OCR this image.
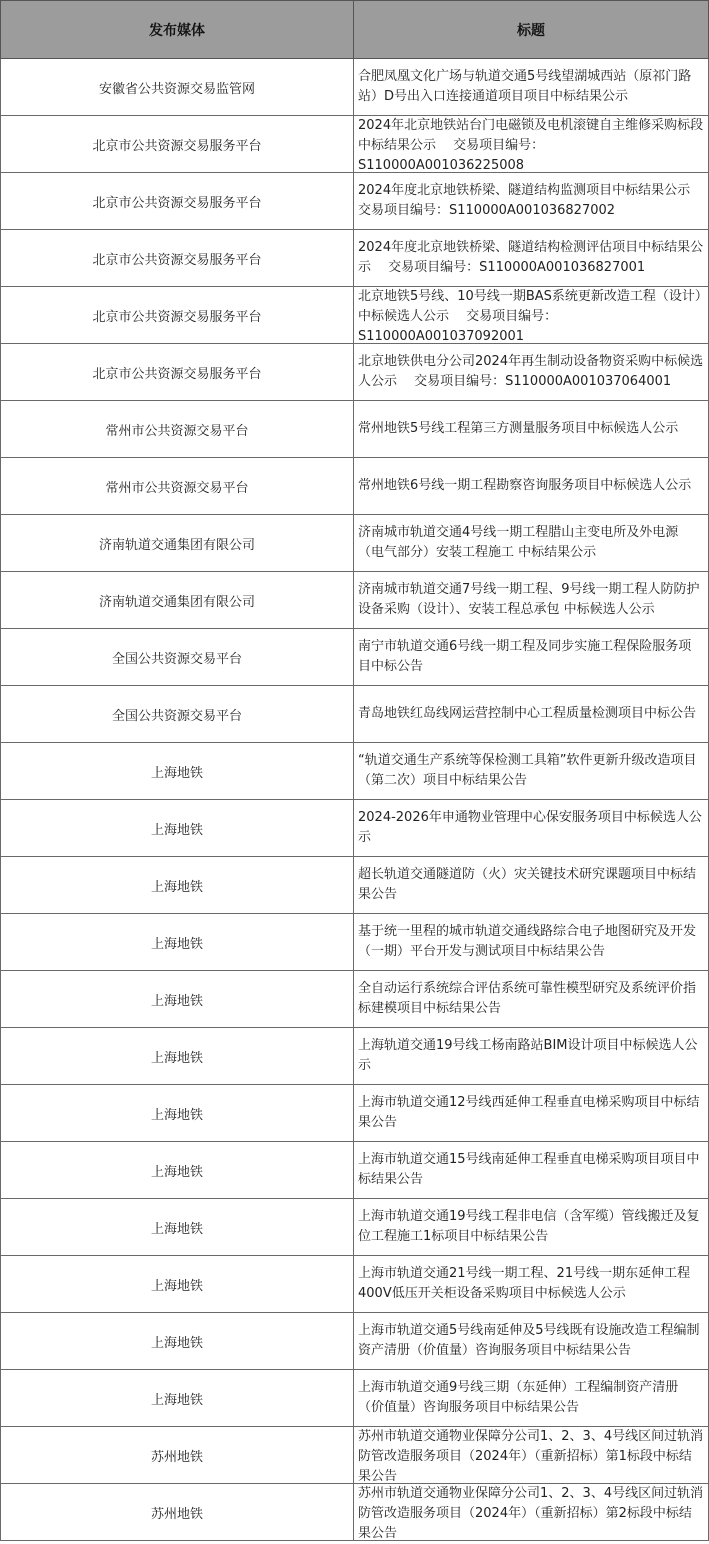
发布媒体	标题
安徽省公共资源交易监管网	合肥凤凰文化广场与轨道交通5号线望湖城西站（原祁门路站）D号出入口连接通道项目项目中标结果公示

北京市公共资源交易服务平台	2024年北京地铁站台门电磁锁及电机滚键自主维修采购标段中标结果公示　 交易项目编号：S110000A001036225008

北京市公共资源交易服务平台	2024年度北京地铁桥梁、隧道结构监测项目中标结果公示　 交易项目编号：S110000A001036827002

北京市公共资源交易服务平台	2024年度北京地铁桥梁、隧道结构检测评估项目中标结果公示　 交易项目编号：S110000A001036827001

北京市公共资源交易服务平台	北京地铁5号线、10号线一期BAS系统更新改造工程（设计）中标候选人公示　 交易项目编号：S110000A001037092001

北京市公共资源交易服务平台	北京地铁供电分公司2024年再生制动设备物资采购中标候选人公示　 交易项目编号：S110000A001037064001

常州市公共资源交易平台	常州地铁5号线工程第三方测量服务项目中标候选人公示

常州市公共资源交易平台	常州地铁6号线一期工程勘察咨询服务项目中标候选人公示

济南轨道交通集团有限公司	济南城市轨道交通4号线一期工程腊山主变电所及外电源（电气部分）安装工程施工 中标结果公示

济南轨道交通集团有限公司	济南城市轨道交通7号线一期工程、9号线一期工程人防防护设备采购（设计）、安装工程总承包 中标候选人公示

全国公共资源交易平台	南宁市轨道交通6号线一期工程及同步实施工程保险服务项目中标公告

全国公共资源交易平台	青岛地铁红岛线网运营控制中心工程质量检测项目中标公告

上海地铁	“轨道交通生产系统等保检测工具箱”软件更新升级改造项目（第二次）项目中标结果公告

上海地铁	2024-2026年申通物业管理中心保安服务项目中标候选人公示

上海地铁	超长轨道交通隧道防（火）灾关键技术研究课题项目中标结果公告

上海地铁	基于统一里程的城市轨道交通线路综合电子地图研究及开发（一期）平台开发与测试项目中标结果公告

上海地铁	全自动运行系统综合评估系统可靠性模型研究及系统评价指标建模项目中标结果公告

上海地铁	上海轨道交通19号线工杨南路站BIM设计项目中标候选人公示

上海地铁	上海市轨道交通12号线西延伸工程垂直电梯采购项目中标结果公告

上海地铁	上海市轨道交通15号线南延伸工程垂直电梯采购项目项目中标结果公告

上海地铁	上海市轨道交通19号线工程非电信（含军缆）管线搬迁及复位工程施工1标项目中标结果公告

上海地铁	上海市轨道交通21号线一期工程、21号线一期东延伸工程400V低压开关柜设备采购项目中标候选人公示

上海地铁	上海市轨道交通5号线南延伸及5号线既有设施改造工程编制资产清册（价值量）咨询服务项目中标结果公告

上海地铁	上海市轨道交通9号线三期（东延伸）工程编制资产清册（价值量）咨询服务项目中标结果公告

苏州地铁	苏州市轨道交通物业保障分公司1、2、3、4号线区间过轨消防管改造服务项目（2024年）（重新招标）第1标段中标结果公告

苏州地铁	苏州市轨道交通物业保障分公司1、2、3、4号线区间过轨消防管改造服务项目（2024年）（重新招标）第2标段中标结果公告
